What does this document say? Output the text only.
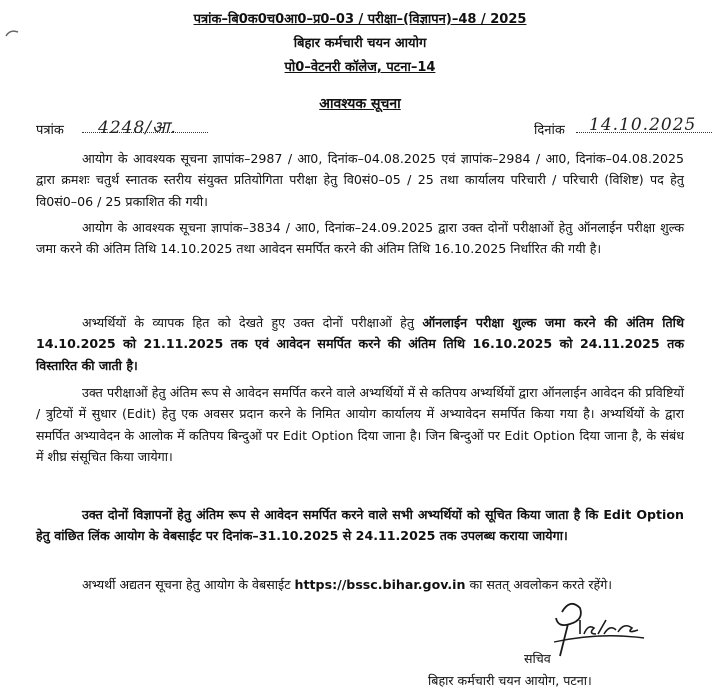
पत्रांक–बि0क0च0आ0–प्र0–03 / परीक्षा–(विज्ञापन)–48 / 2025
बिहार कर्मचारी चयन आयोग
पो0–वेटनरी कॉलेज, पटना–14
आवश्यक सूचना
पत्रांक 4248/आ.	दिनांक 14.10.2025

आयोग के आवश्यक सूचना ज्ञापांक–2987 / आ0, दिनांक–04.08.2025 एवं ज्ञापांक–2984 / आ0, दिनांक–04.08.2025 द्वारा क्रमशः चतुर्थ स्नातक स्तरीय संयुक्त प्रतियोगिता परीक्षा हेतु वि0सं0–05 / 25 तथा कार्यालय परिचारी / परिचारी (विशिष्ट) पद हेतु वि0सं0–06 / 25 प्रकाशित की गयी।

आयोग के आवश्यक सूचना ज्ञापांक–3834 / आ0, दिनांक–24.09.2025 द्वारा उक्त दोनों परीक्षाओं हेतु ऑनलाईन परीक्षा शुल्क जमा करने की अंतिम तिथि 14.10.2025 तथा आवेदन समर्पित करने की अंतिम तिथि 16.10.2025 निर्धारित की गयी है।

अभ्यर्थियों के व्यापक हित को देखते हुए उक्त दोनों परीक्षाओं हेतु ऑनलाईन परीक्षा शुल्क जमा करने की अंतिम तिथि 14.10.2025 को 21.11.2025 तक एवं आवेदन समर्पित करने की अंतिम तिथि 16.10.2025 को 24.11.2025 तक विस्तारित की जाती है।

उक्त परीक्षाओं हेतु अंतिम रूप से आवेदन समर्पित करने वाले अभ्यर्थियों में से कतिपय अभ्यर्थियों द्वारा ऑनलाईन आवेदन की प्रविष्टियों / त्रुटियों में सुधार (Edit) हेतु एक अवसर प्रदान करने के निमित आयोग कार्यालय में अभ्यावेदन समर्पित किया गया है। अभ्यर्थियों के द्वारा समर्पित अभ्यावेदन के आलोक में कतिपय बिन्दुओं पर Edit Option दिया जाना है। जिन बिन्दुओं पर Edit Option दिया जाना है, के संबंध में शीघ्र संसूचित किया जायेगा।

उक्त दोनों विज्ञापनों हेतु अंतिम रूप से आवेदन समर्पित करने वाले सभी अभ्यर्थियों को सूचित किया जाता है कि Edit Option हेतु वांछित लिंक आयोग के वेबसाईट पर दिनांक–31.10.2025 से 24.11.2025 तक उपलब्ध कराया जायेगा।

अभ्यर्थी अद्यतन सूचना हेतु आयोग के वेबसाईट https://bssc.bihar.gov.in का सतत् अवलोकन करते रहेंगे।

सचिव
बिहार कर्मचारी चयन आयोग, पटना।
